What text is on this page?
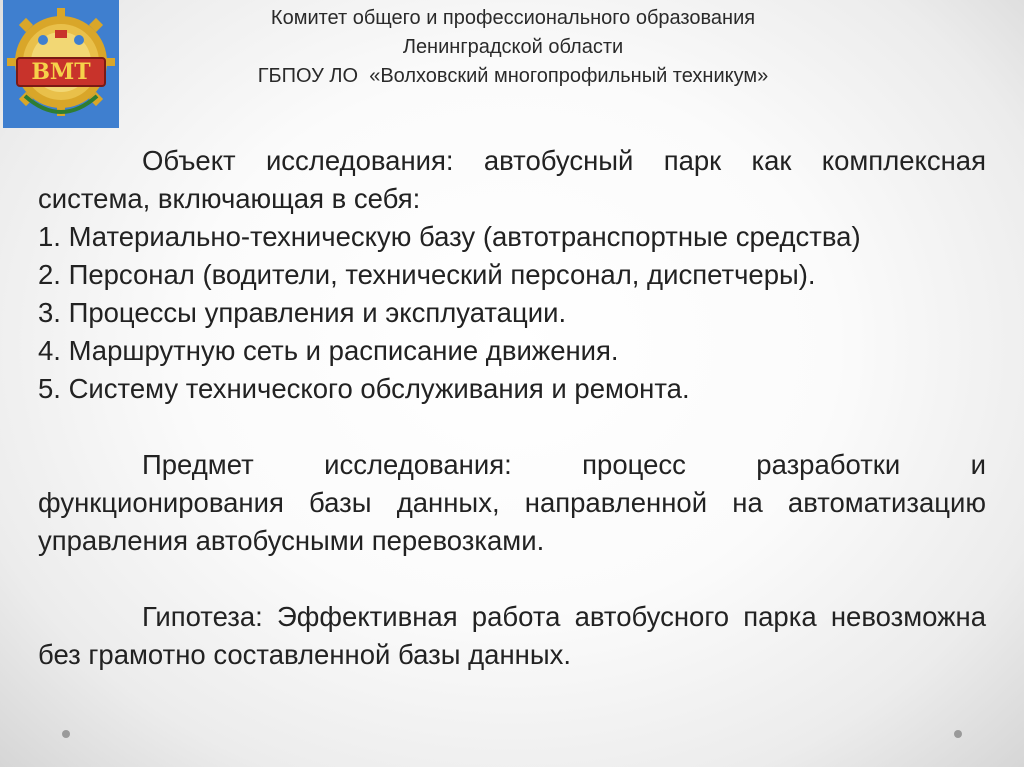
ВМТ
Комитет общего и профессионального образования
Ленинградской области
ГБПОУ ЛО  «Волховский многопрофильный техникум»

Объект исследования: автобусный парк как комплексная система, включающая в себя:

1. Материально-техническую базу (автотранспортные средства)

2. Персонал (водители, технический персонал, диспетчеры).

3. Процессы управления и эксплуатации.

4. Маршрутную сеть и расписание движения.

5. Систему технического обслуживания и ремонта.

Предмет исследования: процесс разработки и функционирования базы данных, направленной на автоматизацию управления автобусными перевозками.

Гипотеза: Эффективная работа автобусного парка невозможна без грамотно составленной базы данных.
